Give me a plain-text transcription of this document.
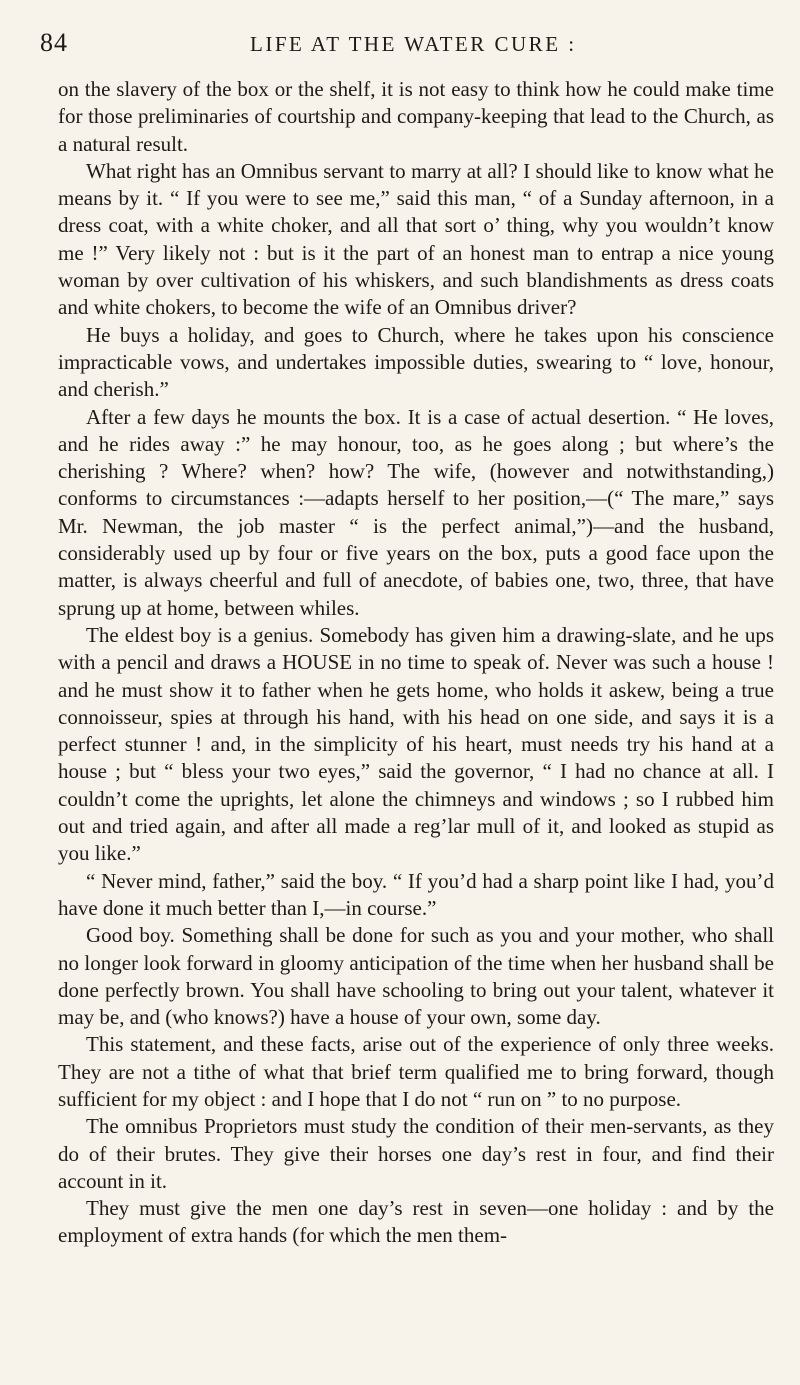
84	LIFE AT THE WATER CURE :

on the slavery of the box or the shelf, it is not easy to think how he could make time for those preliminaries of courtship and company-keeping that lead to the Church, as a natural result.

What right has an Omnibus servant to marry at all? I should like to know what he means by it. “ If you were to see me,” said this man, “ of a Sunday afternoon, in a dress coat, with a white choker, and all that sort o’ thing, why you wouldn’t know me !” Very likely not : but is it the part of an honest man to entrap a nice young woman by over cultivation of his whiskers, and such blandishments as dress coats and white chokers, to become the wife of an Omnibus driver?

He buys a holiday, and goes to Church, where he takes upon his conscience impracticable vows, and undertakes impossible duties, swearing to “ love, honour, and cherish.”

After a few days he mounts the box. It is a case of actual desertion. “ He loves, and he rides away :” he may honour, too, as he goes along ; but where’s the cherishing ? Where? when? how? The wife, (however and notwithstanding,) conforms to circumstances :—adapts herself to her position,—(“ The mare,” says Mr. Newman, the job master “ is the perfect animal,”)—and the husband, considerably used up by four or five years on the box, puts a good face upon the matter, is always cheerful and full of anecdote, of babies one, two, three, that have sprung up at home, between whiles.

The eldest boy is a genius. Somebody has given him a drawing-slate, and he ups with a pencil and draws a HOUSE in no time to speak of. Never was such a house ! and he must show it to father when he gets home, who holds it askew, being a true connoisseur, spies at through his hand, with his head on one side, and says it is a perfect stunner ! and, in the simplicity of his heart, must needs try his hand at a house ; but “ bless your two eyes,” said the governor, “ I had no chance at all. I couldn’t come the uprights, let alone the chimneys and windows ; so I rubbed him out and tried again, and after all made a reg’lar mull of it, and looked as stupid as you like.”

“ Never mind, father,” said the boy. “ If you’d had a sharp point like I had, you’d have done it much better than I,—in course.”

Good boy. Something shall be done for such as you and your mother, who shall no longer look forward in gloomy anticipation of the time when her husband shall be done perfectly brown. You shall have schooling to bring out your talent, whatever it may be, and (who knows?) have a house of your own, some day.

This statement, and these facts, arise out of the experience of only three weeks. They are not a tithe of what that brief term qualified me to bring forward, though sufficient for my object : and I hope that I do not “ run on ” to no purpose.

The omnibus Proprietors must study the condition of their men-servants, as they do of their brutes. They give their horses one day’s rest in four, and find their account in it.

They must give the men one day’s rest in seven—one holiday : and by the employment of extra hands (for which the men them-
